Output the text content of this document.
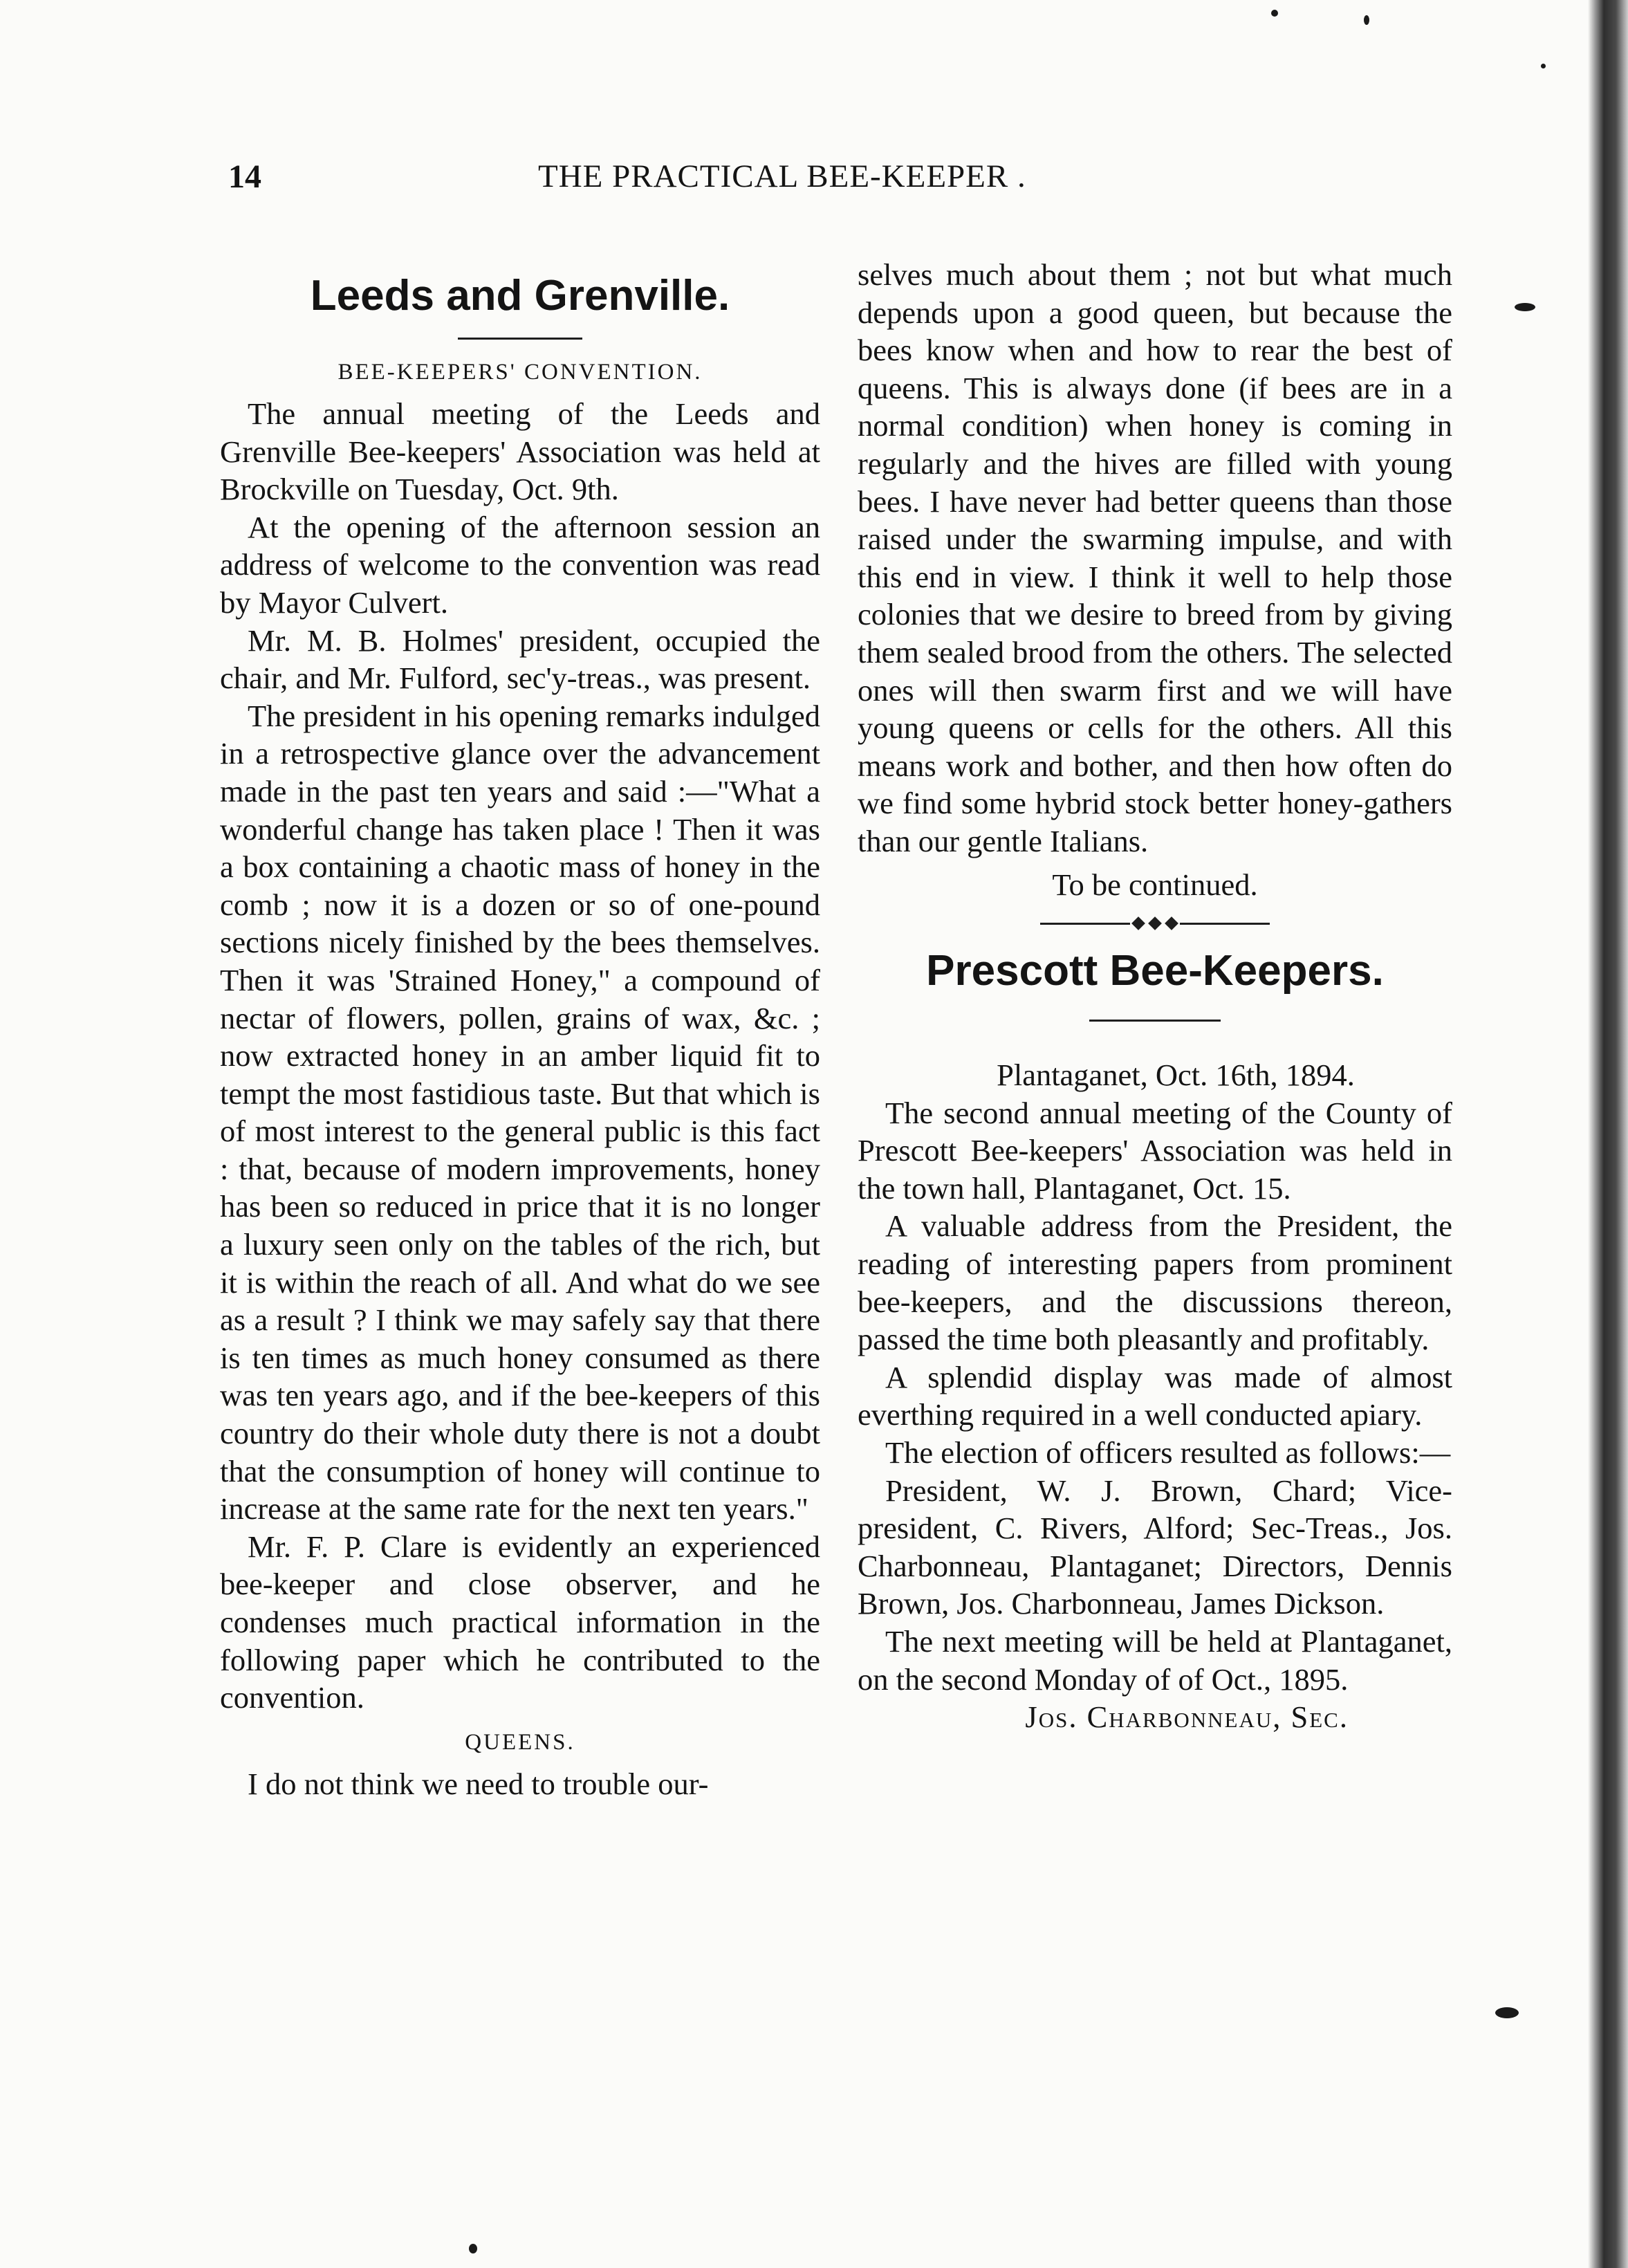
14	THE PRACTICAL BEE-KEEPER .
Leeds and Grenville.
BEE-KEEPERS' CONVENTION.

The annual meeting of the Leeds and Grenville Bee-keepers' Association was held at Brockville on Tuesday, Oct. 9th.

At the opening of the afternoon session an address of welcome to the convention was read by Mayor Culvert.

Mr. M. B. Holmes' president, occupied the chair, and Mr. Fulford, sec'y-treas., was present.

The president in his opening remarks indulged in a retrospective glance over the advancement made in the past ten years and said :—"What a wonderful change has taken place ! Then it was a box containing a chaotic mass of honey in the comb ; now it is a dozen or so of one-pound sections nicely finished by the bees themselves. Then it was 'Strained Honey," a compound of nectar of flowers, pollen, grains of wax, &c. ; now extracted honey in an amber liquid fit to tempt the most fastidious taste. But that which is of most interest to the general public is this fact : that, because of modern improvements, honey has been so reduced in price that it is no longer a luxury seen only on the tables of the rich, but it is within the reach of all. And what do we see as a result ? I think we may safely say that there is ten times as much honey consumed as there was ten years ago, and if the bee-keepers of this country do their whole duty there is not a doubt that the consumption of honey will continue to increase at the same rate for the next ten years."

Mr. F. P. Clare is evidently an experienced bee-keeper and close observer, and he condenses much practical information in the following paper which he contributed to the convention.

QUEENS.

I do not think we need to trouble our-

selves much about them ; not but what much depends upon a good queen, but because the bees know when and how to rear the best of queens. This is always done (if bees are in a normal condition) when honey is coming in regularly and the hives are filled with young bees. I have never had better queens than those raised under the swarming impulse, and with this end in view. I think it well to help those colonies that we desire to breed from by giving them sealed brood from the others. The selected ones will then swarm first and we will have young queens or cells for the others. All this means work and bother, and then how often do we find some hybrid stock better honey-gathers than our gentle Italians.

To be continued.
Prescott Bee-Keepers.
Plantaganet, Oct. 16th, 1894.

The second annual meeting of the County of Prescott Bee-keepers' Association was held in the town hall, Plantaganet, Oct. 15.

A valuable address from the President, the reading of interesting papers from prominent bee-keepers, and the discussions thereon, passed the time both pleasantly and profitably.

A splendid display was made of almost everthing required in a well conducted apiary.

The election of officers resulted as follows:—

President, W. J. Brown, Chard; Vice-president, C. Rivers, Alford; Sec-Treas., Jos. Charbonneau, Plantaganet; Directors, Dennis Brown, Jos. Charbonneau, James Dickson.

The next meeting will be held at Plantaganet, on the second Monday of of Oct., 1895.

Jos. Charbonneau, Sec.
